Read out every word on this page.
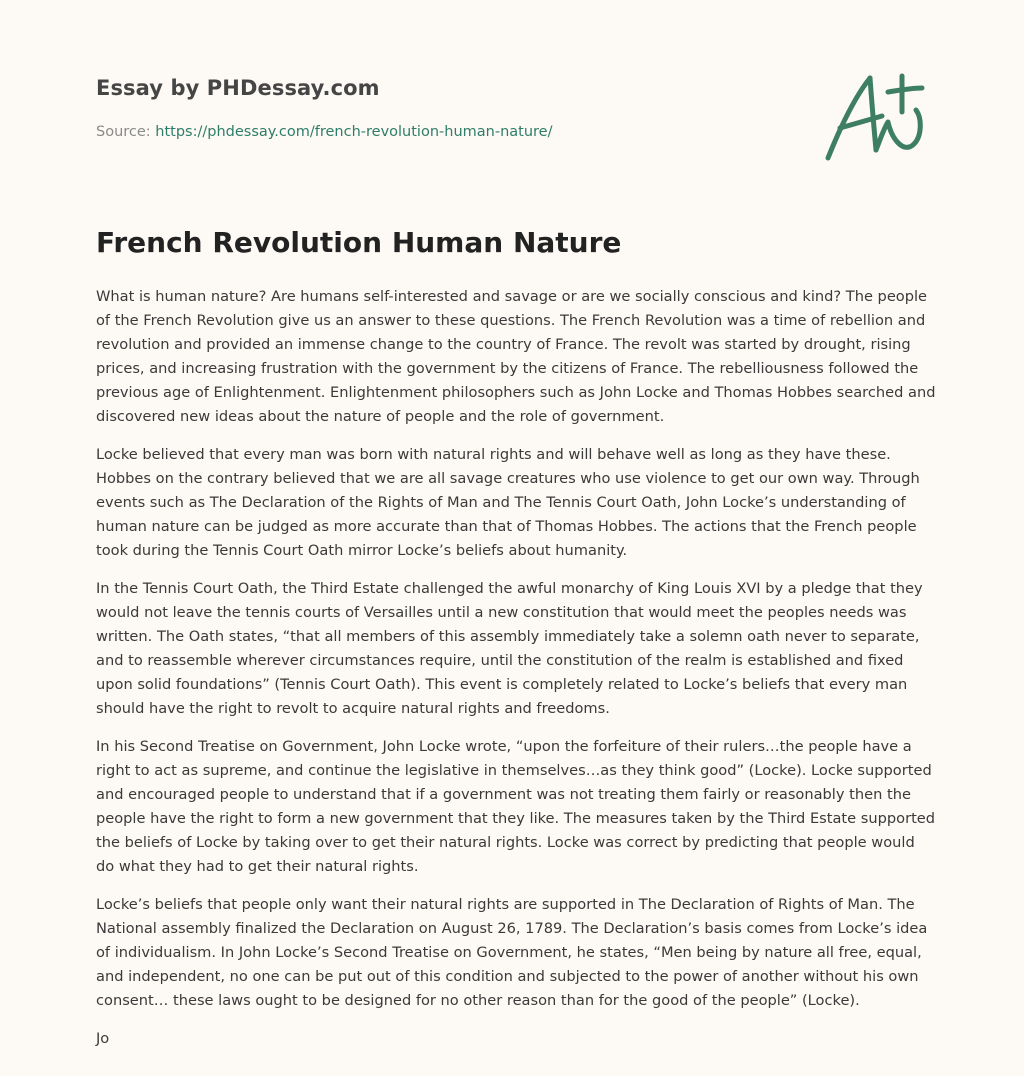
Essay by PHDessay.com
Source: https://phdessay.com/french-revolution-human-nature/
French Revolution Human Nature

What is human nature? Are humans self-interested and savage or are we socially conscious and kind? The people of the French Revolution give us an answer to these questions. The French Revolution was a time of rebellion and revolution and provided an immense change to the country of France. The revolt was started by drought, rising prices, and increasing frustration with the government by the citizens of France. The rebelliousness followed the previous age of Enlightenment. Enlightenment philosophers such as John Locke and Thomas Hobbes searched and discovered new ideas about the nature of people and the role of government.

Locke believed that every man was born with natural rights and will behave well as long as they have these. Hobbes on the contrary believed that we are all savage creatures who use violence to get our own way. Through events such as The Declaration of the Rights of Man and The Tennis Court Oath, John Locke’s understanding of human nature can be judged as more accurate than that of Thomas Hobbes. The actions that the French people took during the Tennis Court Oath mirror Locke’s beliefs about humanity.

In the Tennis Court Oath, the Third Estate challenged the awful monarchy of King Louis XVI by a pledge that they would not leave the tennis courts of Versailles until a new constitution that would meet the peoples needs was written. The Oath states, “that all members of this assembly immediately take a solemn oath never to separate, and to reassemble wherever circumstances require, until the constitution of the realm is established and fixed upon solid foundations” (Tennis Court Oath). This event is completely related to Locke’s beliefs that every man should have the right to revolt to acquire natural rights and freedoms.

In his Second Treatise on Government, John Locke wrote, “upon the forfeiture of their rulers…the people have a right to act as supreme, and continue the legislative in themselves…as they think good” (Locke). Locke supported and encouraged people to understand that if a government was not treating them fairly or reasonably then the people have the right to form a new government that they like. The measures taken by the Third Estate supported the beliefs of Locke by taking over to get their natural rights. Locke was correct by predicting that people would do what they had to get their natural rights.

Locke’s beliefs that people only want their natural rights are supported in The Declaration of Rights of Man. The National assembly finalized the Declaration on August 26, 1789. The Declaration’s basis comes from Locke’s idea of individualism. In John Locke’s Second Treatise on Government, he states, “Men being by nature all free, equal, and independent, no one can be put out of this condition and subjected to the power of another without his own consent… these laws ought to be designed for no other reason than for the good of the people” (Locke).

Jo
